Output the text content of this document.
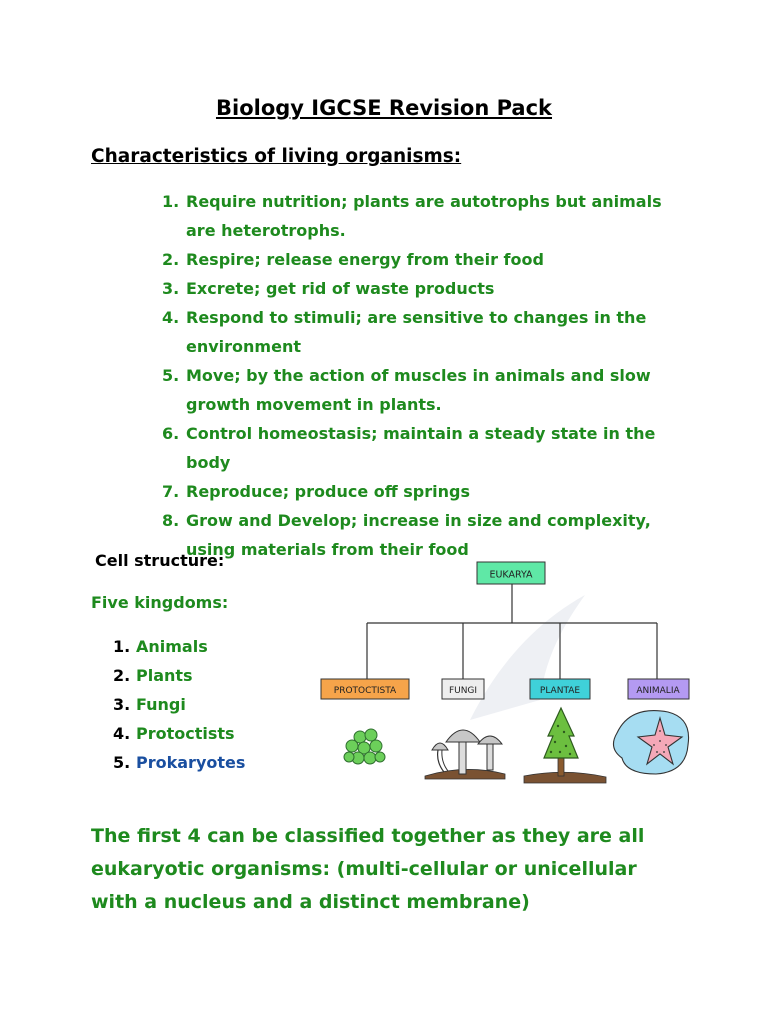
Biology IGCSE Revision Pack
Characteristics of living organisms:
1. Require nutrition; plants are autotrophs but animals are heterotrophs.
2. Respire; release energy from their food
3. Excrete; get rid of waste products
4. Respond to stimuli; are sensitive to changes in the environment
5. Move; by the action of muscles in animals and slow growth movement in plants.
6. Control homeostasis; maintain a steady state in the body
7. Reproduce; produce off springs
8. Grow and Develop; increase in size and complexity, using materials from their food

Cell structure:

Five kingdoms:

1. Animals
2. Plants
3. Fungi
4. Protoctists
5. Prokaryotes
EUKARYA
PROTOCTISTA	FUNGI	PLANTAE	ANIMALIA

The first 4 can be classified together as they are all eukaryotic organisms: (multi-cellular or unicellular with a nucleus and a distinct membrane)
